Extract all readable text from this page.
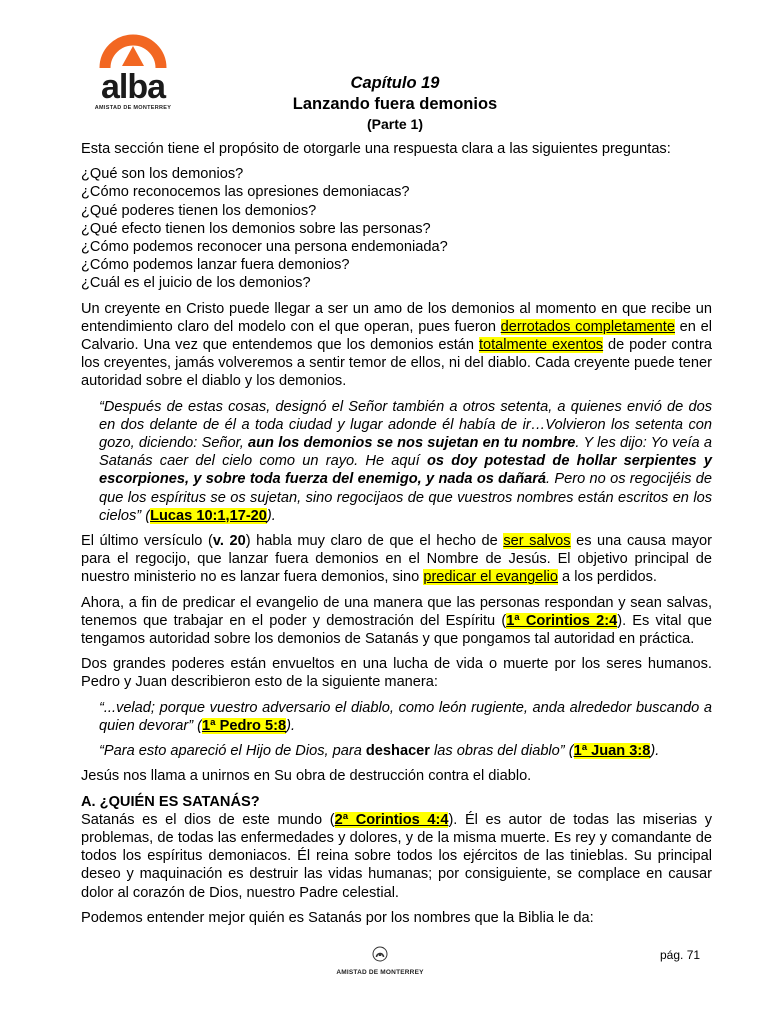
alba
AMISTAD DE MONTERREY
Capítulo 19
Lanzando fuera demonios
(Parte 1)

Esta sección tiene el propósito de otorgarle una respuesta clara a las siguientes preguntas:

¿Qué son los demonios?

¿Cómo reconocemos las opresiones demoniacas?

¿Qué poderes tienen los demonios?

¿Qué efecto tienen los demonios sobre las personas?

¿Cómo podemos reconocer una persona endemoniada?

¿Cómo podemos lanzar fuera demonios?

¿Cuál es el juicio de los demonios?

Un creyente en Cristo puede llegar a ser un amo de los demonios al momento en que recibe un entendimiento claro del modelo con el que operan, pues fueron derrotados completamente en el Calvario. Una vez que entendemos que los demonios están totalmente exentos de poder contra los creyentes, jamás volveremos a sentir temor de ellos, ni del diablo. Cada creyente puede tener autoridad sobre el diablo y los demonios.

“Después de estas cosas, designó el Señor también a otros setenta, a quienes envió de dos en dos delante de él a toda ciudad y lugar adonde él había de ir…Volvieron los setenta con gozo, diciendo: Señor, aun los demonios se nos sujetan en tu nombre. Y les dijo: Yo veía a Satanás caer del cielo como un rayo. He aquí os doy potestad de hollar serpientes y escorpiones, y sobre toda fuerza del enemigo, y nada os dañará. Pero no os regocijéis de que los espíritus se os sujetan, sino regocijaos de que vuestros nombres están escritos en los cielos” (Lucas 10:1,17-20).

El último versículo (v. 20) habla muy claro de que el hecho de ser salvos es una causa mayor para el regocijo, que lanzar fuera demonios en el Nombre de Jesús. El objetivo principal de nuestro ministerio no es lanzar fuera demonios, sino predicar el evangelio a los perdidos.

Ahora, a fin de predicar el evangelio de una manera que las personas respondan y sean salvas, tenemos que trabajar en el poder y demostración del Espíritu (1ª Corintios 2:4). Es vital que tengamos autoridad sobre los demonios de Satanás y que pongamos tal autoridad en práctica.

Dos grandes poderes están envueltos en una lucha de vida o muerte por los seres humanos. Pedro y Juan describieron esto de la siguiente manera:

“...velad; porque vuestro adversario el diablo, como león rugiente, anda alrededor buscando a quien devorar” (1ª Pedro 5:8).

“Para esto apareció el Hijo de Dios, para deshacer las obras del diablo” (1ª Juan 3:8).

Jesús nos llama a unirnos en Su obra de destrucción contra el diablo.

A. ¿QUIÉN ES SATANÁS?

Satanás es el dios de este mundo (2ª Corintios 4:4). Él es autor de todas las miserias y problemas, de todas las enfermedades y dolores, y de la misma muerte. Es rey y comandante de todos los espíritus demoniacos. Él reina sobre todos los ejércitos de las tinieblas. Su principal deseo y maquinación es destruir las vidas humanas; por consiguiente, se complace en causar dolor al corazón de Dios, nuestro Padre celestial.

Podemos entender mejor quién es Satanás por los nombres que la Biblia le da:

AMISTAD DE MONTERREY
pág. 71
